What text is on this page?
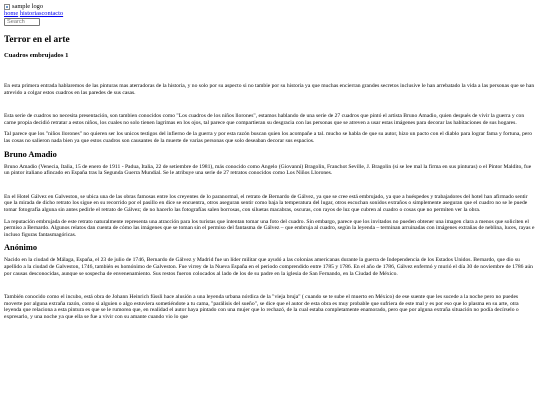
sample logo
home historiascontacto
Search
Terror en el arte
Cuadros embrujados 1

En esta primera entrada hablaremos de las pinturas mas aterradoras de la historia, y no solo por su aspecto si no tambie por su historia ya que muchas encierran grandes secretos inclusive le han arrebatado la vida a las personas que se han atrevido a colgar estos cuadros en las paredes de sus casas.

Esta serie de cuadros no necesita presentación, son tambien conocidos como "Los cuadros de los niños llorones", estamos hablando de una serie de 27 cuadros que pintó el artista Bruno Amadio, quien después de vivir la guerra y con carne propia decidió retratar a estos niños, los cuales no solo tienen lagrimas en los ojos, tal parece que compartieran su desgracia con las personas que se atreven a usar estas imágenes para decorar las habitaciones de sus hogares.

Tal parece que los "niños llorones" no quieren ser los unicos testigos del infierno de la guerra y por esta razón buscan quien los acompañe a tal. mucho se habla de que su autor, hizo un pacto con el diablo para lograr fama y fortuna, pero las cosas no salieron nada bien ya que estos cuadros son causantes de la muerte de varias personas que solo deseaban decorar sus espacios.

Bruno Amadio

Bruno Amadio (Venecia, Italia, 15 de enero de 1911 - Padua, Italia, 22 de setiembre de 1981), más conocido como Angelo (Giovanni) Bragolin, Franchot Seville, J. Bragolin (si se lee mal la firma en sus pinturas) o el Pintor Maldito, fue un pintor italiano afincado en España tras la Segunda Guerra Mundial. Se le atribuye una serie de 27 retratos conocidos como Los Niños Llorones.

En el Hotel Gálvez en Galveston, se ubica una de las obras famosas entre los creyentes de lo paranormal, el retrato de Bernardo de Gálvez, ya que se cree está embrujado, ya que a huéspedes y trabajadores del hotel han afirmado sentir que la mirada de dicho retrato los sigue en su recorrido por el pasillo en dice se encuentra, otros aseguran sentir como baja la temperatura del lugar, otros escuchan sonidos extraños o simplemente aseguran que el cuadro no se le puede tomar fotografía alguna sin antes pedirle el retrato de Gálvez; de no hacerlo las fotografías salen borrosas, con siluetas macabras, oscuras, con rayos de luz que cubren al cuadro o cosas que no permiten ver la obra.

La reputación embrujada de este retrato naturalmente representa una atracción para los turistas que intentan tomar una foto del cuadro. Sin embargo, parece que los invitados no pueden obtener una imagen clara a menos que soliciten el permiso a Bernardo. Algunos relatos dan cuenta de cómo las imágenes que se toman sin el permiso del fantasma de Gálvez – que embruja al cuadro, según la leyenda – terminan arruinadas con imágenes extrañas de neblina, luces, rayas e incluso figuras fantasmagóricas.

Anónimo

Nacido en la ciudad de Málaga, España, el 23 de julio de 1746, Bernardo de Gálvez y Madrid fue un líder militar que ayudó a las colonias americanas durante la guerra de Independencia de los Estados Unidos. Bernardo, que dio su apellido a la ciudad de Galveston, 1746, también es homónimo de Galveston. Fue virrey de la Nueva España en el periodo comprendido entre 1785 y 1786. En el año de 1786, Gálvez enfermó y murió el día 30 de noviembre de 1786 aún por causas desconocidas, aunque se sospecha de envenenamiento. Sus restos fueron colocados al lado de los de su padre en la iglesia de San Fernando, en la Ciudad de México.

También conocido como el incubo, está obra de Johann Heinrich füssli hace alusión a una leyenda urbana nórdica de la "vieja bruja" ( cuando se te sube el muerto en México) de ese suente que les sucede a la noche pero no puedes moverte por alguna extraña razón, como si alguien o algo estuviera sometiéndote a tu cama, "parálisis del sueño", se dice que el autor de esta obra es muy probable que sufriera de este mal y es por eso que lo plasma en su arte, otra leyenda que relaciona a esta pintura es que se le rumorea que, en realidad el autor haya pintado con una mujer que lo rechazó, de la cual estaba completamente enamorado, pero que por alguna extraña situación no podía decírselo o expresarlo, y una noche ya que ella se fue a vivir con su amante cuando vio lo que
